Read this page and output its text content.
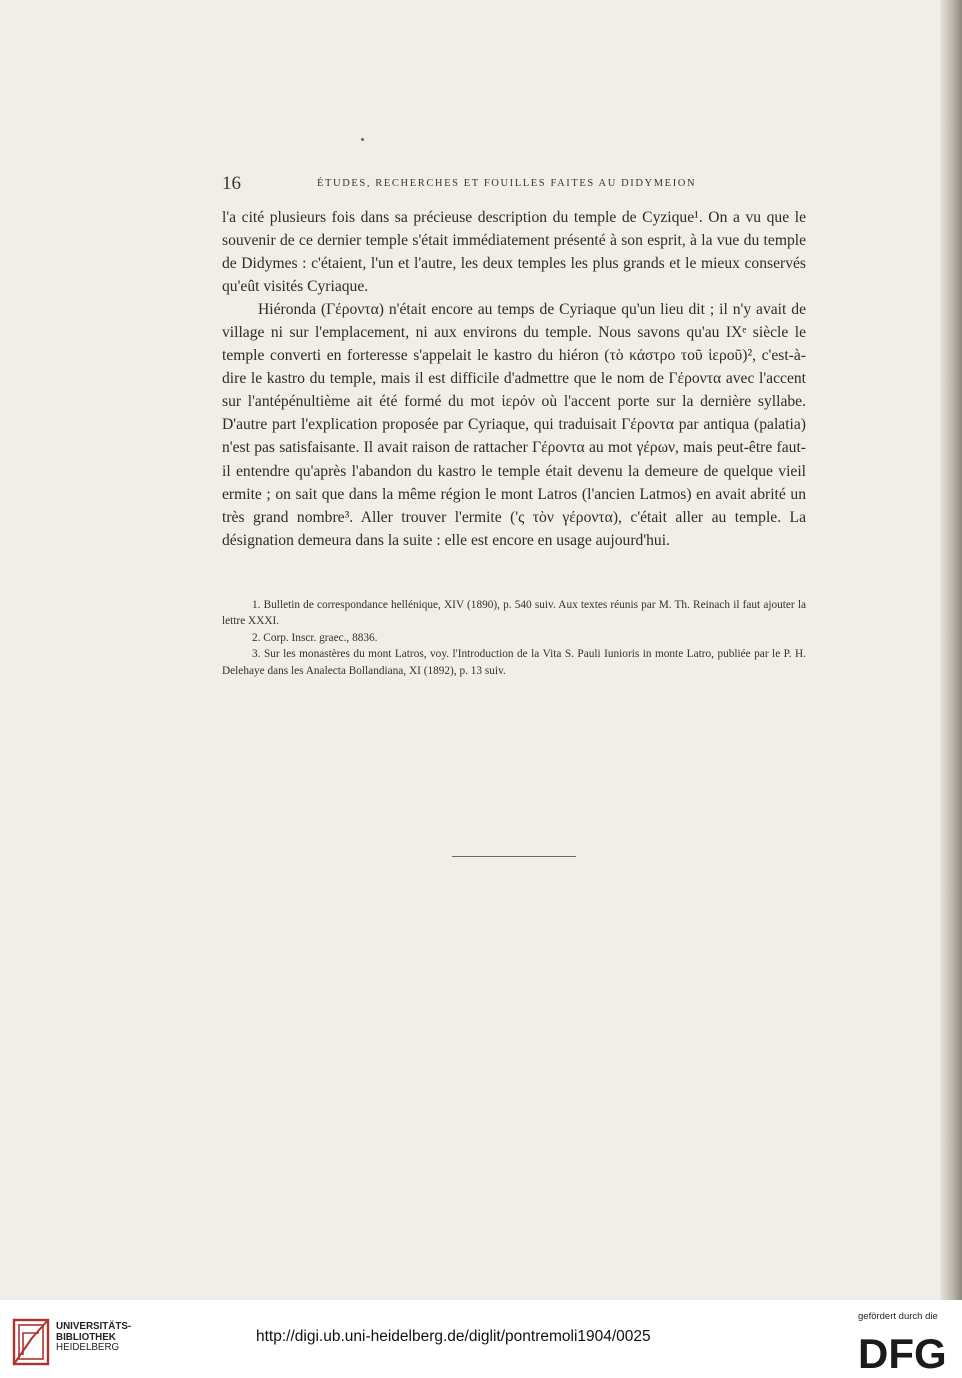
16	ÉTUDES, RECHERCHES ET FOUILLES FAITES AU DIDYMEION

l'a cité plusieurs fois dans sa précieuse description du temple de Cyzique¹. On a vu que le souvenir de ce dernier temple s'était immédiatement présenté à son esprit, à la vue du temple de Didymes : c'étaient, l'un et l'autre, les deux temples les plus grands et le mieux conservés qu'eût visités Cyriaque.

Hiéronda (Γέροντα) n'était encore au temps de Cyriaque qu'un lieu dit ; il n'y avait de village ni sur l'emplacement, ni aux environs du temple. Nous savons qu'au IXᵉ siècle le temple converti en forteresse s'appelait le kastro du hiéron (τὸ κάστρο τοῦ ἱεροῦ)², c'est-à-dire le kastro du temple, mais il est difficile d'admettre que le nom de Γέροντα avec l'accent sur l'antépénultième ait été formé du mot ἱερόν où l'accent porte sur la dernière syllabe. D'autre part l'explication proposée par Cyriaque, qui traduisait Γέροντα par antiqua (palatia) n'est pas satisfaisante. Il avait raison de rattacher Γέροντα au mot γέρων, mais peut-être faut-il entendre qu'après l'abandon du kastro le temple était devenu la demeure de quelque vieil ermite ; on sait que dans la même région le mont Latros (l'ancien Latmos) en avait abrité un très grand nombre³. Aller trouver l'ermite ('ς τὸν γέροντα), c'était aller au temple. La désignation demeura dans la suite : elle est encore en usage aujourd'hui.

1. Bulletin de correspondance hellénique, XIV (1890), p. 540 suiv. Aux textes réunis par M. Th. Reinach il faut ajouter la lettre XXXI.

2. Corp. Inscr. graec., 8836.

3. Sur les monastères du mont Latros, voy. l'Introduction de la Vita S. Pauli Iunioris in monte Latro, publiée par le P. H. Delehaye dans les Analecta Bollandiana, XI (1892), p. 13 suiv.

UNIVERSITÄTS-
BIBLIOTHEK
HEIDELBERG
http://digi.ub.uni-heidelberg.de/diglit/pontremoli1904/0025
gefördert durch die
DFG
